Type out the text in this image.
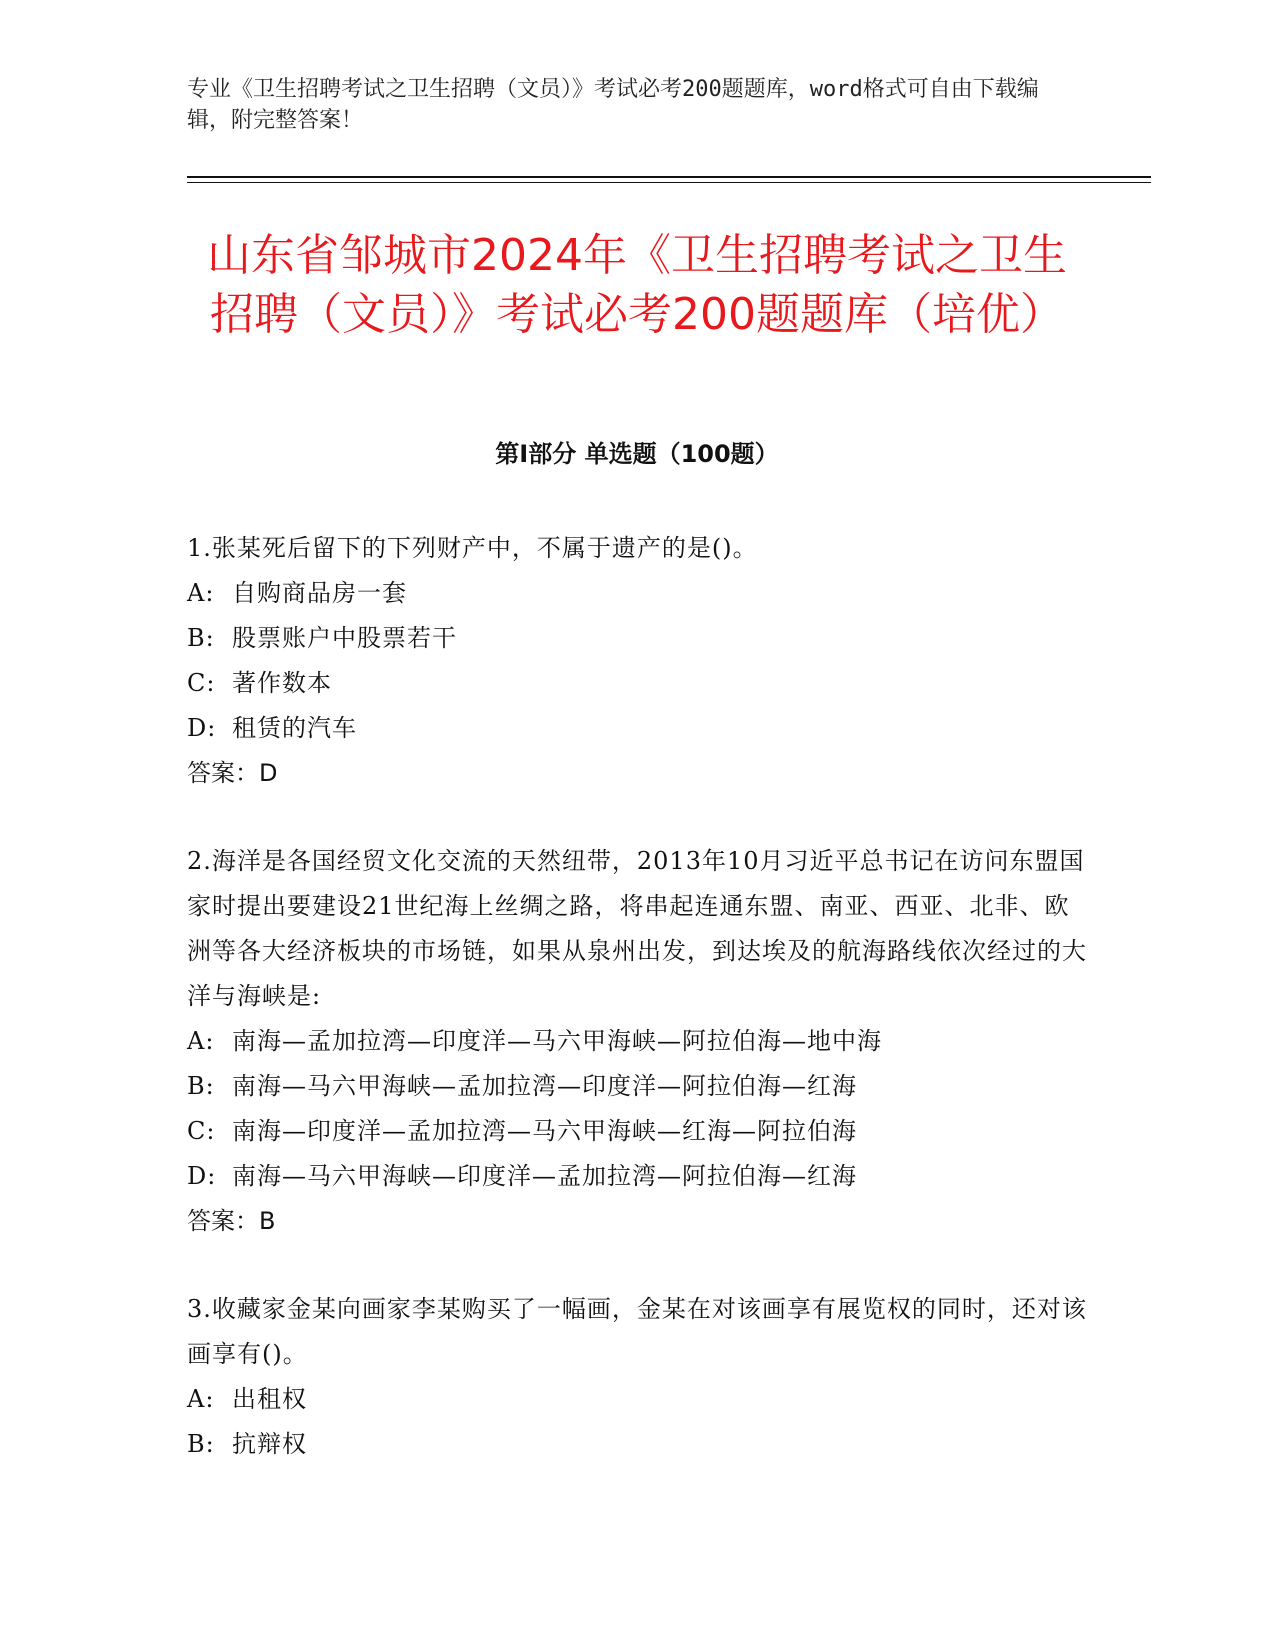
专业《卫生招聘考试之卫生招聘（文员）》考试必考200题题库，word格式可自由下载编辑，附完整答案！

山东省邹城市2024年《卫生招聘考试之卫生招聘（文员）》考试必考200题题库（培优）
第Ⅰ部分 单选题（100题）

1.张某死后留下的下列财产中，不属于遗产的是()。

A: 自购商品房一套

B: 股票账户中股票若干

C: 著作数本

D: 租赁的汽车

答案：D

2.海洋是各国经贸文化交流的天然纽带，2013年10月习近平总书记在访问东盟国家时提出要建设21世纪海上丝绸之路，将串起连通东盟、南亚、西亚、北非、欧洲等各大经济板块的市场链，如果从泉州出发，到达埃及的航海路线依次经过的大洋与海峡是:

A: 南海—孟加拉湾—印度洋—马六甲海峡—阿拉伯海—地中海

B: 南海—马六甲海峡—孟加拉湾—印度洋—阿拉伯海—红海

C: 南海—印度洋—孟加拉湾—马六甲海峡—红海—阿拉伯海

D: 南海—马六甲海峡—印度洋—孟加拉湾—阿拉伯海—红海

答案：B

3.收藏家金某向画家李某购买了一幅画，金某在对该画享有展览权的同时，还对该画享有()。

A: 出租权

B: 抗辩权
